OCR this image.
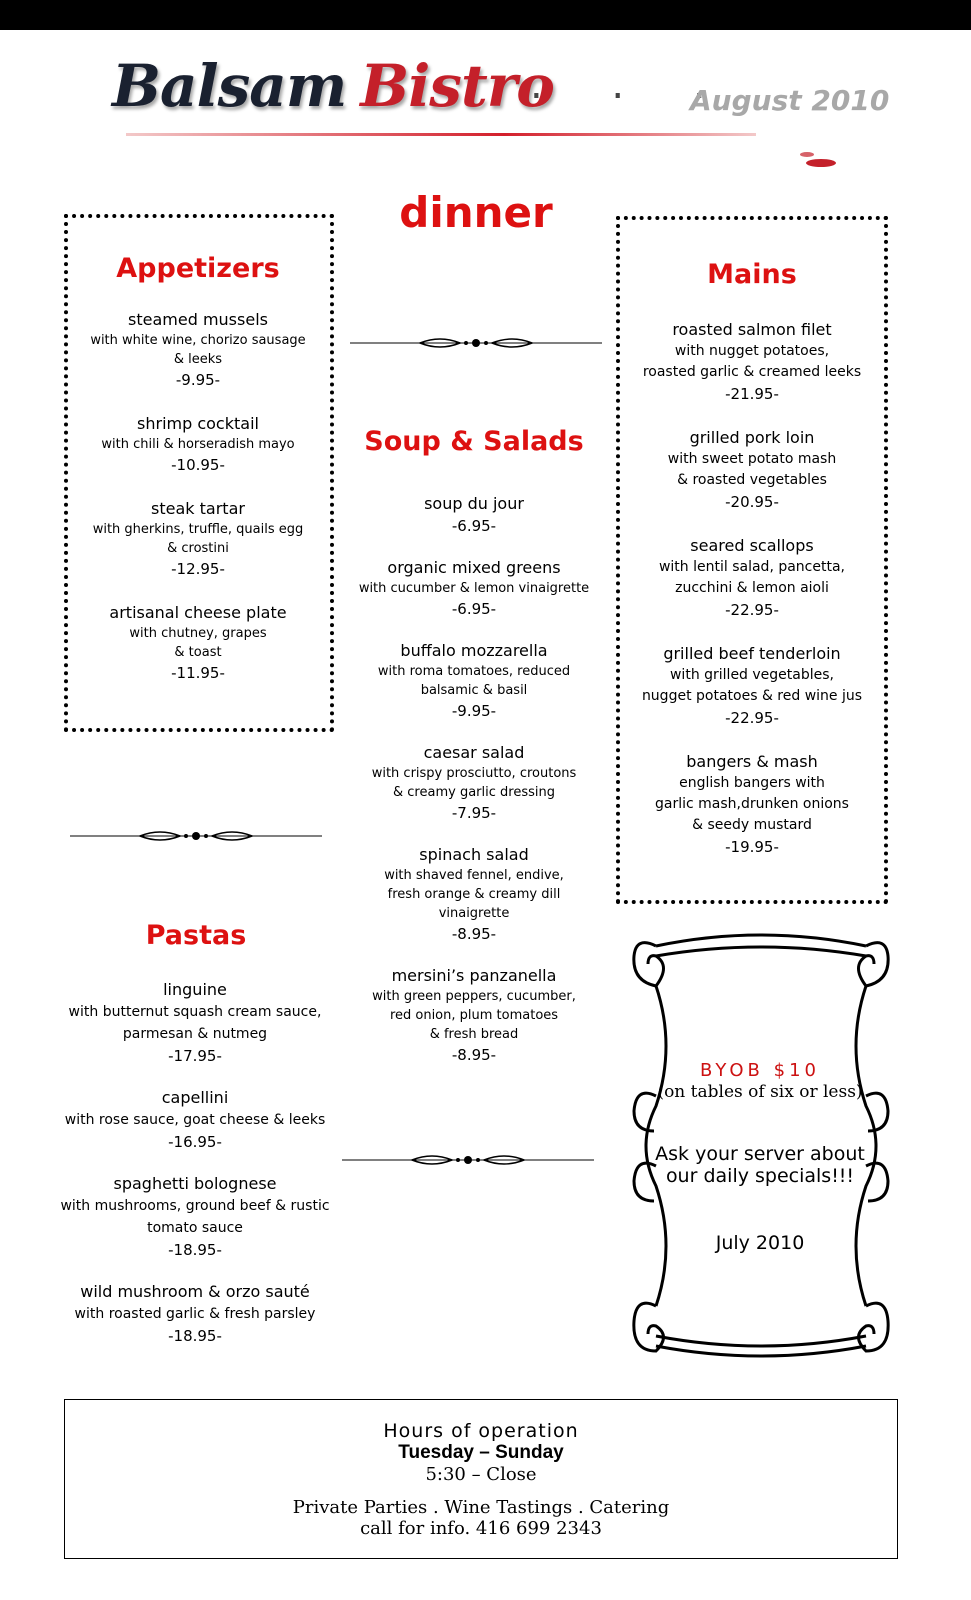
use your browsers ‘back’ button to return to the blog.   -   ‘click’ to enlarge image

Balsam Bistro
. . .
August 2010
dinner
Appetizers
steamed mussels
with white wine, chorizo sausage
& leeks
-9.95-
shrimp cocktail
with chili & horseradish mayo
-10.95-
steak tartar
with gherkins, truffle, quails egg
& crostini
-12.95-
artisanal cheese plate
with chutney, grapes
& toast
-11.95-
Pastas
linguine
with butternut squash cream sauce,
parmesan & nutmeg
-17.95-
capellini
with rose sauce, goat cheese & leeks
-16.95-
spaghetti bolognese
with mushrooms, ground beef & rustic
tomato sauce
-18.95-
wild mushroom & orzo sauté
with roasted garlic & fresh parsley
-18.95-
Soup & Salads
soup du jour
-6.95-
organic mixed greens
with cucumber & lemon vinaigrette
-6.95-
buffalo mozzarella
with roma tomatoes, reduced
balsamic & basil
-9.95-
caesar salad
with crispy prosciutto, croutons
& creamy garlic dressing
-7.95-
spinach salad
with shaved fennel, endive,
fresh orange & creamy dill
vinaigrette
-8.95-
mersini’s panzanella
with green peppers, cucumber,
red onion, plum tomatoes
& fresh bread
-8.95-
Mains
roasted salmon filet
with nugget potatoes,
roasted garlic & creamed leeks
-21.95-
grilled pork loin
with sweet potato mash
& roasted vegetables
-20.95-
seared scallops
with lentil salad, pancetta,
zucchini & lemon aioli
-22.95-
grilled beef tenderloin
with grilled vegetables,
nugget potatoes & red wine jus
-22.95-
bangers & mash
english bangers with
garlic mash,drunken onions
& seedy mustard
-19.95-
BYOB $10
(on tables of six or less)
Ask your server about
our daily specials!!!
July 2010
Hours of operation
Tuesday – Sunday
5:30 – Close
Private Parties . Wine Tastings . Catering
call for info. 416 699 2343
